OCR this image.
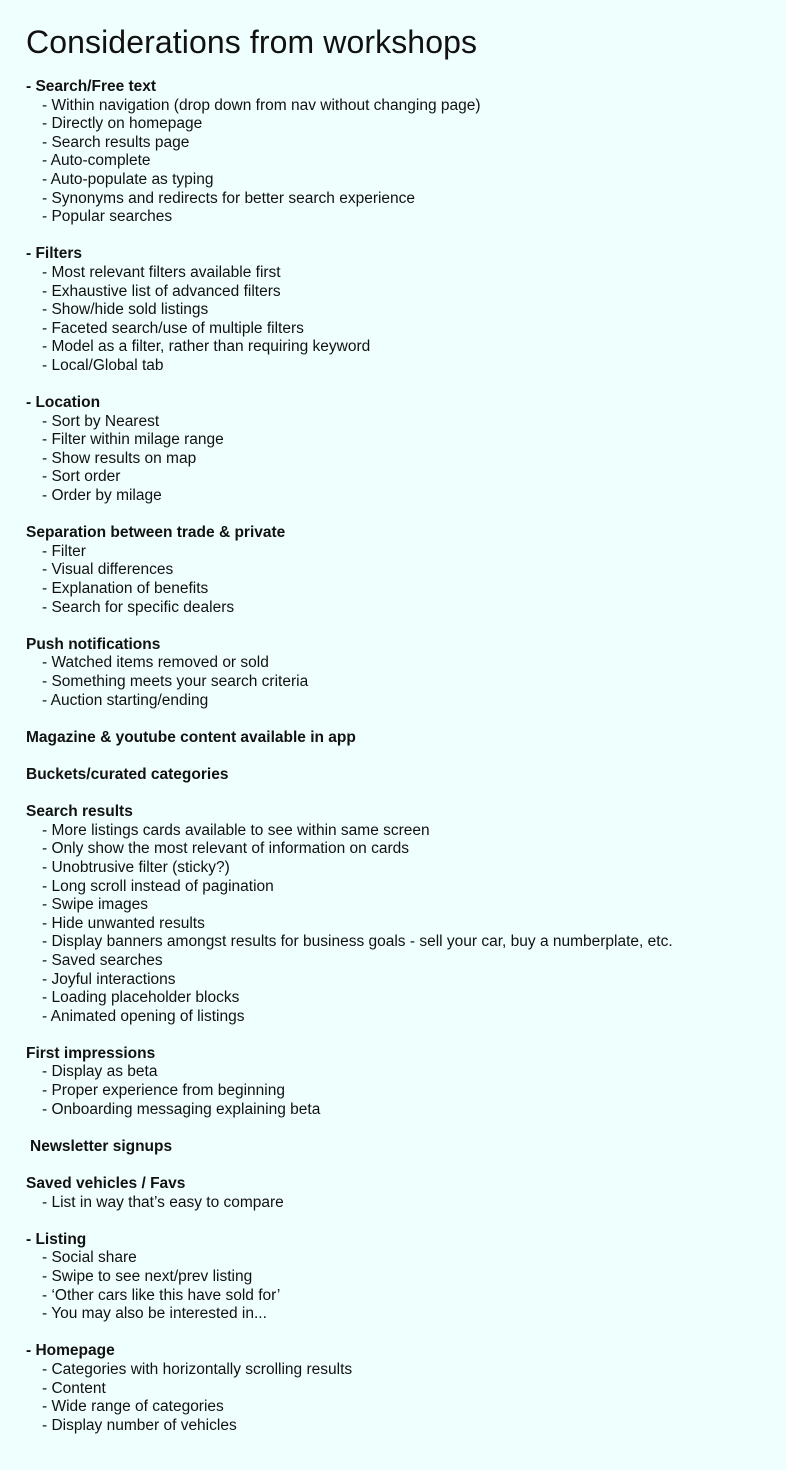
Considerations from workshops
- Search/Free text
- Within navigation (drop down from nav without changing page)
- Directly on homepage
- Search results page
- Auto-complete
- Auto-populate as typing
- Synonyms and redirects for better search experience
- Popular searches
- Filters
- Most relevant filters available first
- Exhaustive list of advanced filters
- Show/hide sold listings
- Faceted search/use of multiple filters
- Model as a filter, rather than requiring keyword
- Local/Global tab
- Location
- Sort by Nearest
- Filter within milage range
- Show results on map
- Sort order
- Order by milage
Separation between trade & private
- Filter
- Visual differences
- Explanation of benefits
- Search for specific dealers
Push notifications
- Watched items removed or sold
- Something meets your search criteria
- Auction starting/ending
Magazine & youtube content available in app
Buckets/curated categories
Search results
- More listings cards available to see within same screen
- Only show the most relevant of information on cards
- Unobtrusive filter (sticky?)
- Long scroll instead of pagination
- Swipe images
- Hide unwanted results
- Display banners amongst results for business goals - sell your car, buy a numberplate, etc.
- Saved searches
- Joyful interactions
- Loading placeholder blocks
- Animated opening of listings
First impressions
- Display as beta
- Proper experience from beginning
- Onboarding messaging explaining beta
Newsletter signups
Saved vehicles / Favs
- List in way that’s easy to compare
- Listing
- Social share
- Swipe to see next/prev listing
- ‘Other cars like this have sold for’
- You may also be interested in...
- Homepage
- Categories with horizontally scrolling results
- Content
- Wide range of categories
- Display number of vehicles
